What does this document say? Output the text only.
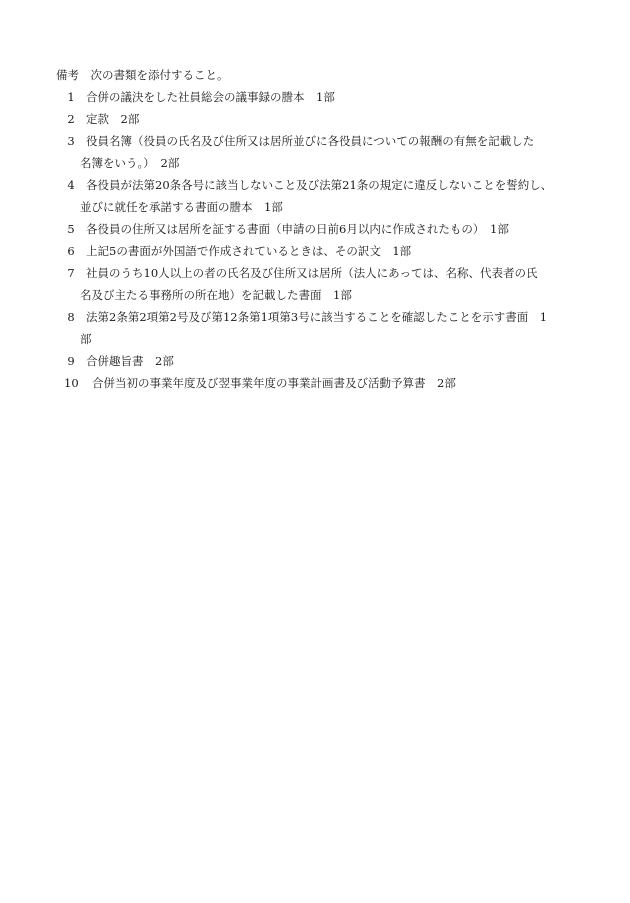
備考　次の書類を添付すること。
1 合併の議決をした社員総会の議事録の謄本　1部
2 定款　2部
3 役員名簿（役員の氏名及び住所又は居所並びに各役員についての報酬の有無を記載した
名簿をいう。）　2部
4 各役員が法第20条各号に該当しないこと及び法第21条の規定に違反しないことを誓約し、
並びに就任を承諾する書面の謄本　1部
5 各役員の住所又は居所を証する書面（申請の日前6月以内に作成されたもの）　1部
6 上記5の書面が外国語で作成されているときは、その訳文　1部
7 社員のうち10人以上の者の氏名及び住所又は居所（法人にあっては、名称、代表者の氏
名及び主たる事務所の所在地）を記載した書面　1部
8 法第2条第2項第2号及び第12条第1項第3号に該当することを確認したことを示す書面　1
部
9 合併趣旨書　2部
10	合併当初の事業年度及び翌事業年度の事業計画書及び活動予算書　2部
